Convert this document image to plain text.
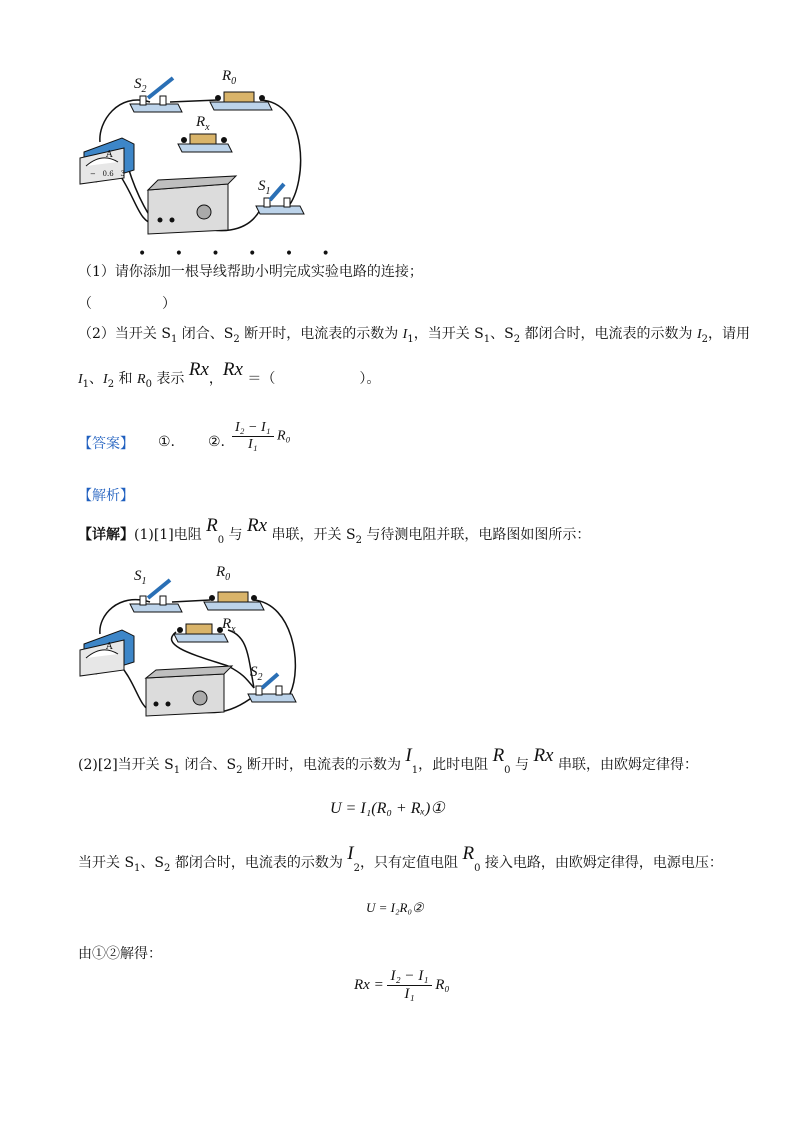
$S_2$
$R_0$
$R_x$
$S_1$
A
−   0.6   3
• • • • • •
（1）请你添加一根导线帮助小明完成实验电路的连接；
（　　　　　）
（2）当开关 $S_1$ 闭合、$S_2$ 断开时，电流表的示数为 $I_1$，当开关 $S_1$、$S_2$ 都闭合时，电流表的示数为 $I_2$，请用
$I_1$、$I_2$ 和 $R_0$ 表示 Rx，Rx ＝（　　　　　　）。
【答案】 ①. ②. $\frac{\text{I₂ − I₁}}{\text{I₁}} R_0$
【解析】
【详解】(1)[1]电阻 $R_0$ 与 Rx 串联，开关 $S_2$ 与待测电阻并联，电路图如图所示：
$S_1$
$R_0$
$R_x$
$S_2$
A
(2)[2]当开关 $S_1$ 闭合、$S_2$ 断开时，电流表的示数为 $I_1$，此时电阻 $R_0$ 与 Rx 串联，由欧姆定律得：
U = I₁(R₀ + Rₓ)①
当开关 $S_1$、$S_2$ 都闭合时，电流表的示数为 $I_2$，只有定值电阻 $R_0$ 接入电路，由欧姆定律得，电源电压：
U = I₂R₀②
由①②解得：
$Rx = \frac{\text{I₂ − I₁}}{\text{I₁}} R_0$
